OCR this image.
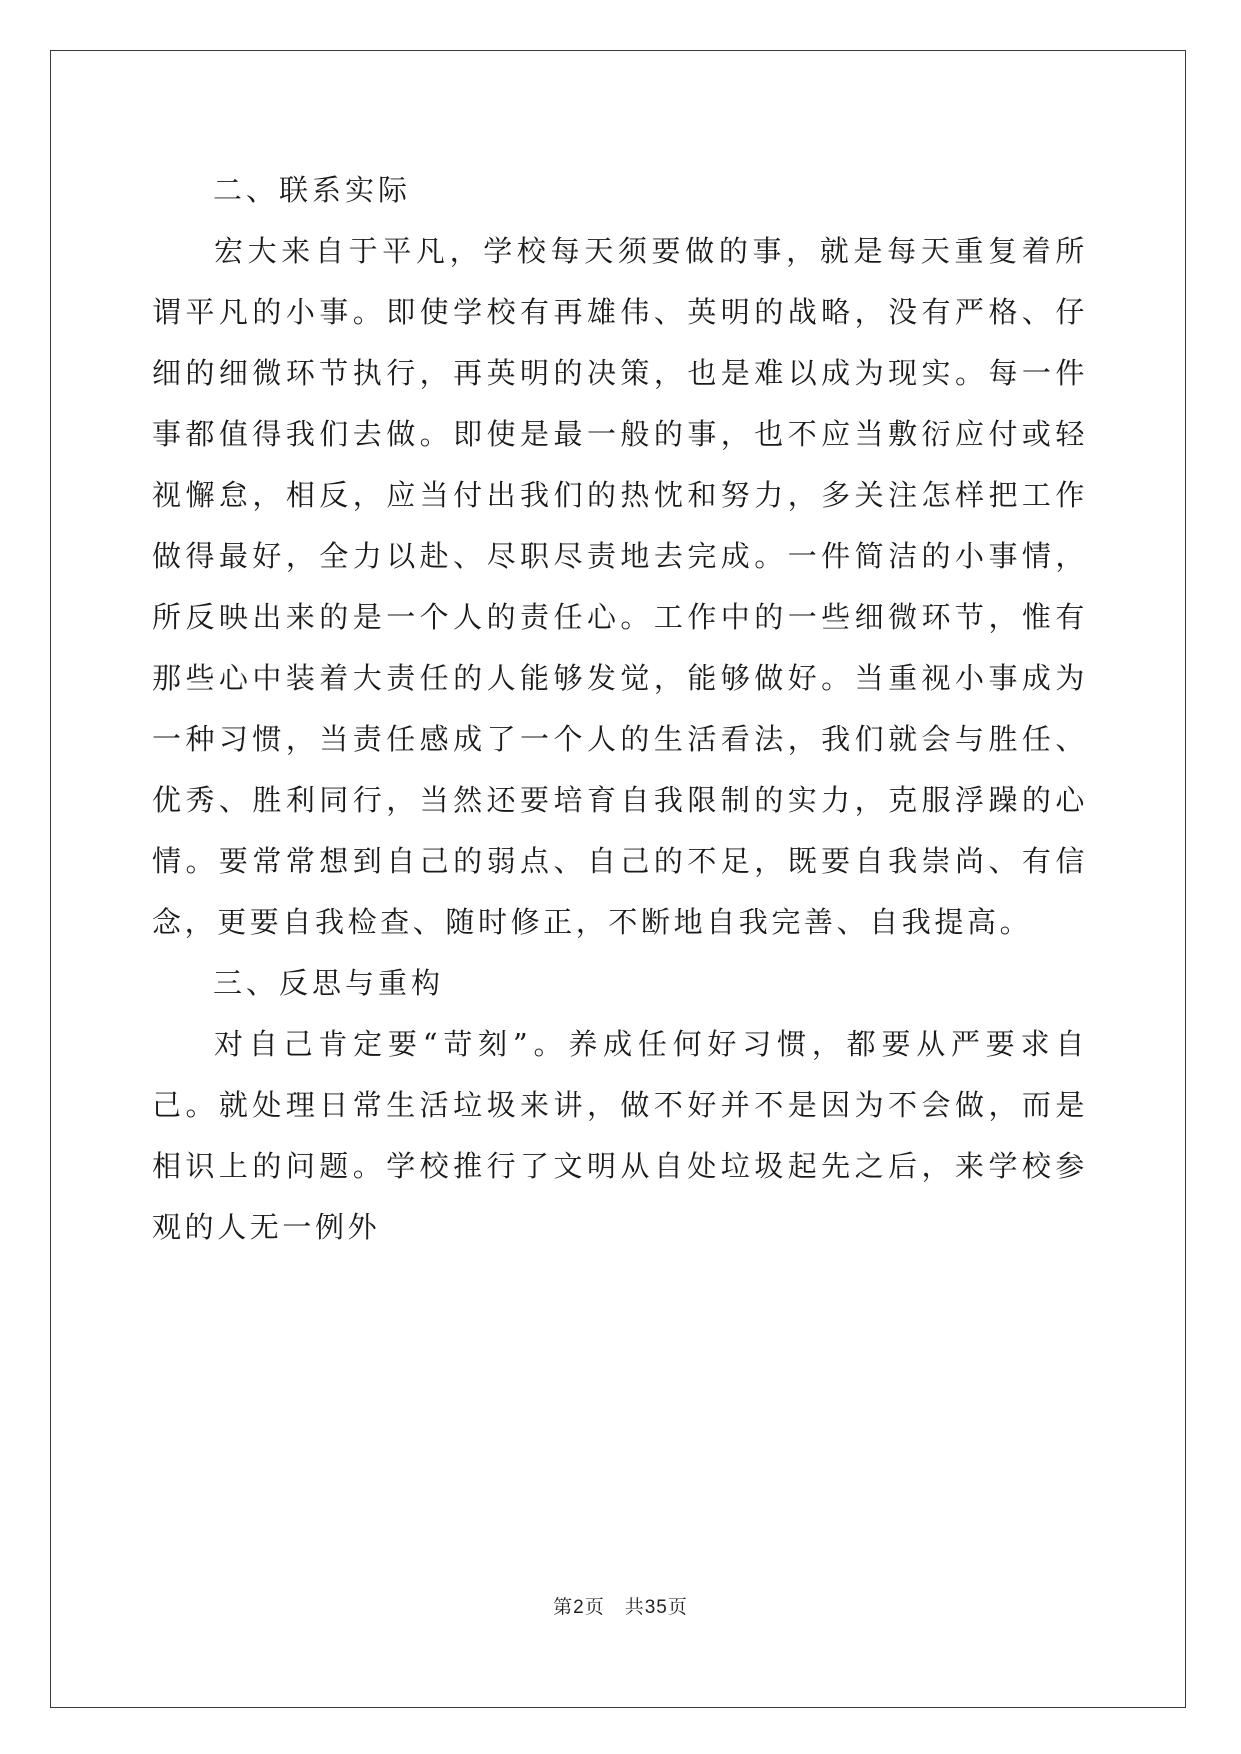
二、联系实际

宏大来自于平凡，学校每天须要做的事，就是每天重复着所谓平凡的小事。即使学校有再雄伟、英明的战略，没有严格、仔细的细微环节执行，再英明的决策，也是难以成为现实。每一件事都值得我们去做。即使是最一般的事，也不应当敷衍应付或轻视懈怠，相反，应当付出我们的热忱和努力，多关注怎样把工作做得最好，全力以赴、尽职尽责地去完成。一件简洁的小事情，所反映出来的是一个人的责任心。工作中的一些细微环节，惟有那些心中装着大责任的人能够发觉，能够做好。当重视小事成为一种习惯，当责任感成了一个人的生活看法，我们就会与胜任、优秀、胜利同行，当然还要培育自我限制的实力，克服浮躁的心情。要常常想到自己的弱点、自己的不足，既要自我崇尚、有信念，更要自我检查、随时修正，不断地自我完善、自我提高。

三、反思与重构

对自己肯定要“苛刻”。养成任何好习惯，都要从严要求自己。就处理日常生活垃圾来讲，做不好并不是因为不会做，而是相识上的问题。学校推行了文明从自处垃圾起先之后，来学校参观的人无一例外

第2页 共35页
